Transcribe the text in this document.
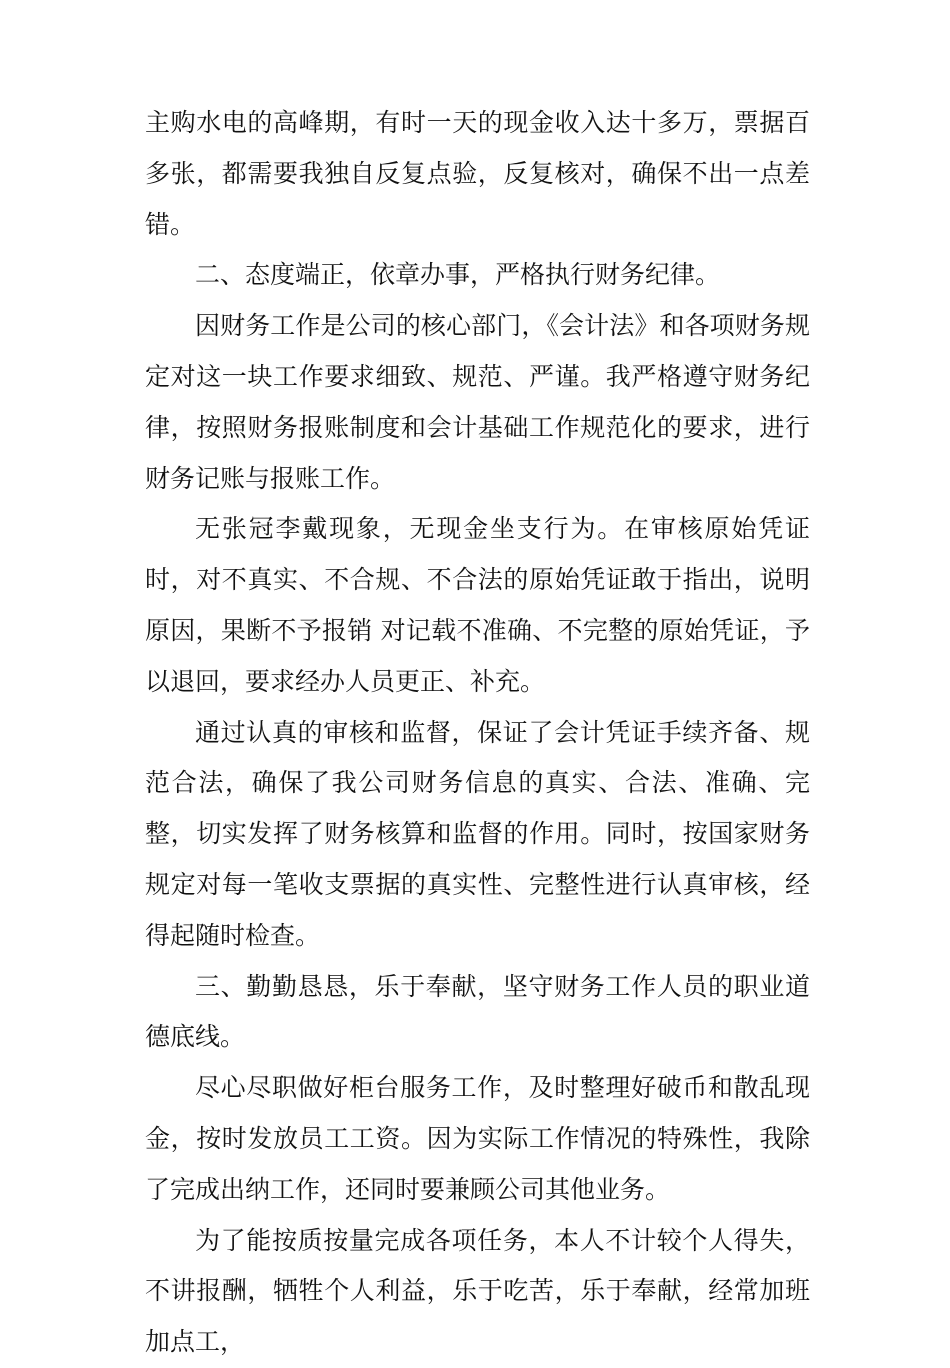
主购水电的高峰期，有时一天的现金收入达十多万，票据百多张，都需要我独自反复点验，反复核对，确保不出一点差错。

二、态度端正，依章办事，严格执行财务纪律。

因财务工作是公司的核心部门，《会计法》和各项财务规定对这一块工作要求细致、规范、严谨。我严格遵守财务纪律，按照财务报账制度和会计基础工作规范化的要求，进行财务记账与报账工作。

无张冠李戴现象，无现金坐支行为。在审核原始凭证时，对不真实、不合规、不合法的原始凭证敢于指出，说明原因，果断不予报销 对记载不准确、不完整的原始凭证，予以退回，要求经办人员更正、补充。

通过认真的审核和监督，保证了会计凭证手续齐备、规范合法，确保了我公司财务信息的真实、合法、准确、完整，切实发挥了财务核算和监督的作用。同时，按国家财务规定对每一笔收支票据的真实性、完整性进行认真审核，经得起随时检查。

三、勤勤恳恳，乐于奉献，坚守财务工作人员的职业道德底线。

尽心尽职做好柜台服务工作，及时整理好破币和散乱现金，按时发放员工工资。因为实际工作情况的特殊性，我除了完成出纳工作，还同时要兼顾公司其他业务。

为了能按质按量完成各项任务，本人不计较个人得失，不讲报酬，牺牲个人利益，乐于吃苦，乐于奉献，经常加班加点工，
